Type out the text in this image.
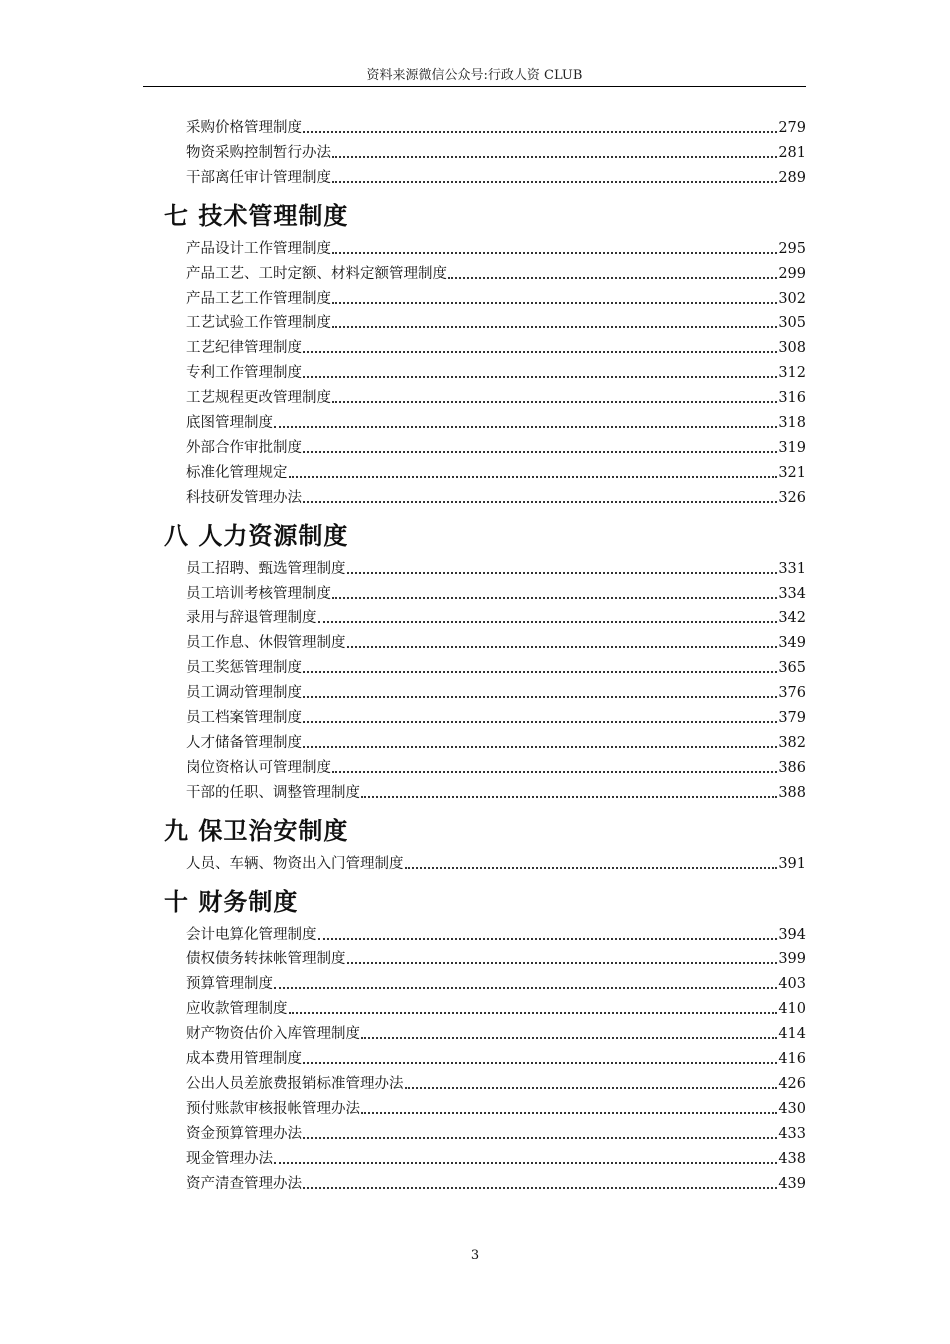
资料来源微信公众号:行政人资 CLUB
采购价格管理制度	279
物资采购控制暂行办法	281
干部离任审计管理制度	289
七 技术管理制度
产品设计工作管理制度	295
产品工艺、工时定额、材料定额管理制度	299
产品工艺工作管理制度	302
工艺试验工作管理制度	305
工艺纪律管理制度	308
专利工作管理制度	312
工艺规程更改管理制度	316
底图管理制度	318
外部合作审批制度	319
标准化管理规定	321
科技研发管理办法	326
八 人力资源制度
员工招聘、甄选管理制度	331
员工培训考核管理制度	334
录用与辞退管理制度	342
员工作息、休假管理制度	349
员工奖惩管理制度	365
员工调动管理制度	376
员工档案管理制度	379
人才储备管理制度	382
岗位资格认可管理制度	386
干部的任职、调整管理制度	388
九 保卫治安制度
人员、车辆、物资出入门管理制度	391
十 财务制度
会计电算化管理制度	394
债权债务转抹帐管理制度	399
预算管理制度	403
应收款管理制度	410
财产物资估价入库管理制度	414
成本费用管理制度	416
公出人员差旅费报销标准管理办法	426
预付账款审核报帐管理办法	430
资金预算管理办法	433
现金管理办法	438
资产清查管理办法	439
3
